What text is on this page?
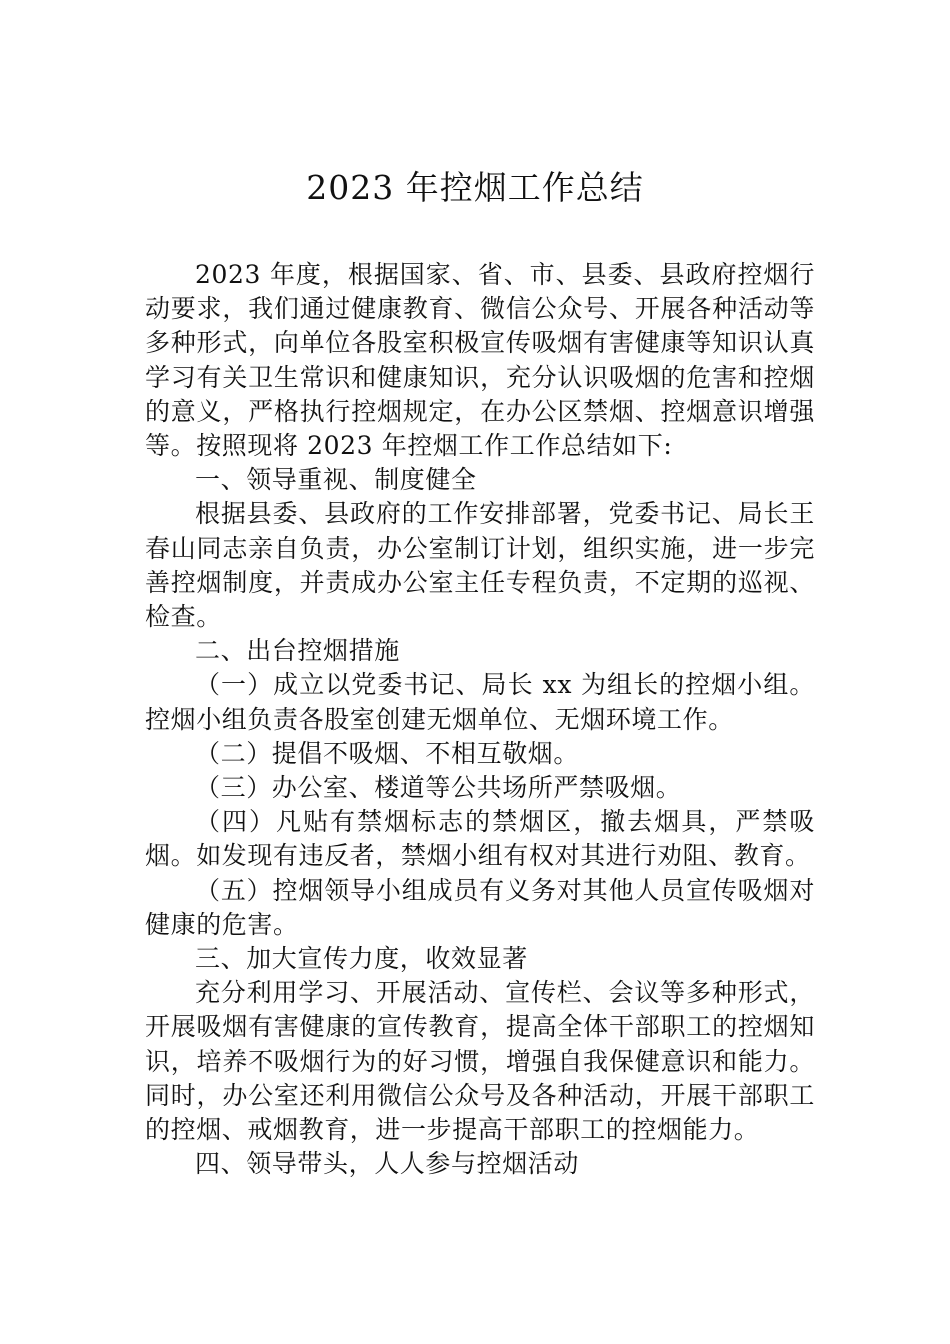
2023 年控烟工作总结

2023 年度，根据国家、省、市、县委、县政府控烟行动要求，我们通过健康教育、微信公众号、开展各种活动等多种形式，向单位各股室积极宣传吸烟有害健康等知识认真学习有关卫生常识和健康知识，充分认识吸烟的危害和控烟的意义，严格执行控烟规定，在办公区禁烟、控烟意识增强等。按照现将 2023 年控烟工作工作总结如下:

一、领导重视、制度健全

根据县委、县政府的工作安排部署，党委书记、局长王春山同志亲自负责，办公室制订计划，组织实施，进一步完善控烟制度，并责成办公室主任专程负责，不定期的巡视、检查。

二、出台控烟措施

（一）成立以党委书记、局长 xx 为组长的控烟小组。控烟小组负责各股室创建无烟单位、无烟环境工作。

（二）提倡不吸烟、不相互敬烟。

（三）办公室、楼道等公共场所严禁吸烟。

（四）凡贴有禁烟标志的禁烟区，撤去烟具，严禁吸烟。如发现有违反者，禁烟小组有权对其进行劝阻、教育。

（五）控烟领导小组成员有义务对其他人员宣传吸烟对健康的危害。

三、加大宣传力度，收效显著

充分利用学习、开展活动、宣传栏、会议等多种形式，开展吸烟有害健康的宣传教育，提高全体干部职工的控烟知识，培养不吸烟行为的好习惯，增强自我保健意识和能力。同时，办公室还利用微信公众号及各种活动，开展干部职工的控烟、戒烟教育，进一步提高干部职工的控烟能力。

四、领导带头，人人参与控烟活动
